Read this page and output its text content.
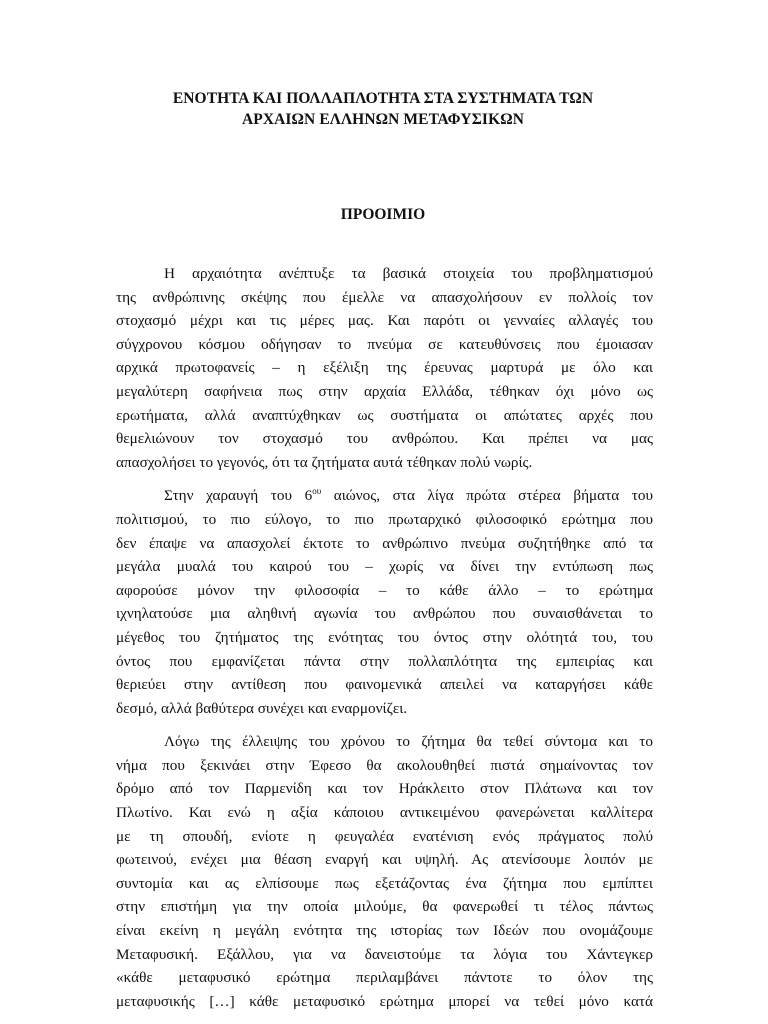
ΕΝΟΤΗΤΑ ΚΑΙ ΠΟΛΛΑΠΛΟΤΗΤΑ ΣΤΑ ΣΥΣΤΗΜΑΤΑ ΤΩΝ
ΑΡΧΑΙΩΝ ΕΛΛΗΝΩΝ ΜΕΤΑΦΥΣΙΚΩΝ
ΠΡΟΟΙΜΙΟ

Η αρχαιότητα ανέπτυξε τα βασικά στοιχεία του προβληματισμού
της ανθρώπινης σκέψης που έμελλε να απασχολήσουν εν πολλοίς τον
στοχασμό μέχρι και τις μέρες μας. Και παρότι οι γενναίες αλλαγές του
σύγχρονου κόσμου οδήγησαν το πνεύμα σε κατευθύνσεις που έμοιασαν
αρχικά πρωτοφανείς – η εξέλιξη της έρευνας μαρτυρά με όλο και
μεγαλύτερη σαφήνεια πως στην αρχαία Ελλάδα, τέθηκαν όχι μόνο ως
ερωτήματα, αλλά αναπτύχθηκαν ως συστήματα οι απώτατες αρχές που
θεμελιώνουν τον στοχασμό του ανθρώπου. Και πρέπει να μας
απασχολήσει το γεγονός, ότι τα ζητήματα αυτά τέθηκαν πολύ νωρίς.

Στην χαραυγή του $6^{o\upsilon}$ αιώνος, στα λίγα πρώτα στέρεα βήματα του
πολιτισμού, το πιο εύλογο, το πιο πρωταρχικό φιλοσοφικό ερώτημα που
δεν έπαψε να απασχολεί έκτοτε το ανθρώπινο πνεύμα συζητήθηκε από τα
μεγάλα μυαλά του καιρού του – χωρίς να δίνει την εντύπωση πως
αφορούσε μόνον την φιλοσοφία – το κάθε άλλο – το ερώτημα
ιχνηλατούσε μια αληθινή αγωνία του ανθρώπου που συναισθάνεται το
μέγεθος του ζητήματος της ενότητας του όντος στην ολότητά του, του
όντος που εμφανίζεται πάντα στην πολλαπλότητα της εμπειρίας και
θεριεύει στην αντίθεση που φαινομενικά απειλεί να καταργήσει κάθε
δεσμό, αλλά βαθύτερα συνέχει και εναρμονίζει.

Λόγω της έλλειψης του χρόνου το ζήτημα θα τεθεί σύντομα και το
νήμα που ξεκινάει στην Έφεσο θα ακολουθηθεί πιστά σημαίνοντας τον
δρόμο από τον Παρμενίδη και τον Ηράκλειτο στον Πλάτωνα και τον
Πλωτίνο. Και ενώ η αξία κάποιου αντικειμένου φανερώνεται καλλίτερα
με τη σπουδή, ενίοτε η φευγαλέα ενατένιση ενός πράγματος πολύ
φωτεινού, ενέχει μια θέαση εναργή και υψηλή. Ας ατενίσουμε λοιπόν με
συντομία και ας ελπίσουμε πως εξετάζοντας ένα ζήτημα που εμπίπτει
στην επιστήμη για την οποία μιλούμε, θα φανερωθεί τι τέλος πάντως
είναι εκείνη η μεγάλη ενότητα της ιστορίας των Ιδεών που ονομάζουμε
Μεταφυσική. Εξάλλου, για να δανειστούμε τα λόγια του Χάντεγκερ
«κάθε μεταφυσικό ερώτημα περιλαμβάνει πάντοτε το όλον της
μεταφυσικής […] κάθε μεταφυσικό ερώτημα μπορεί να τεθεί μόνο κατά
